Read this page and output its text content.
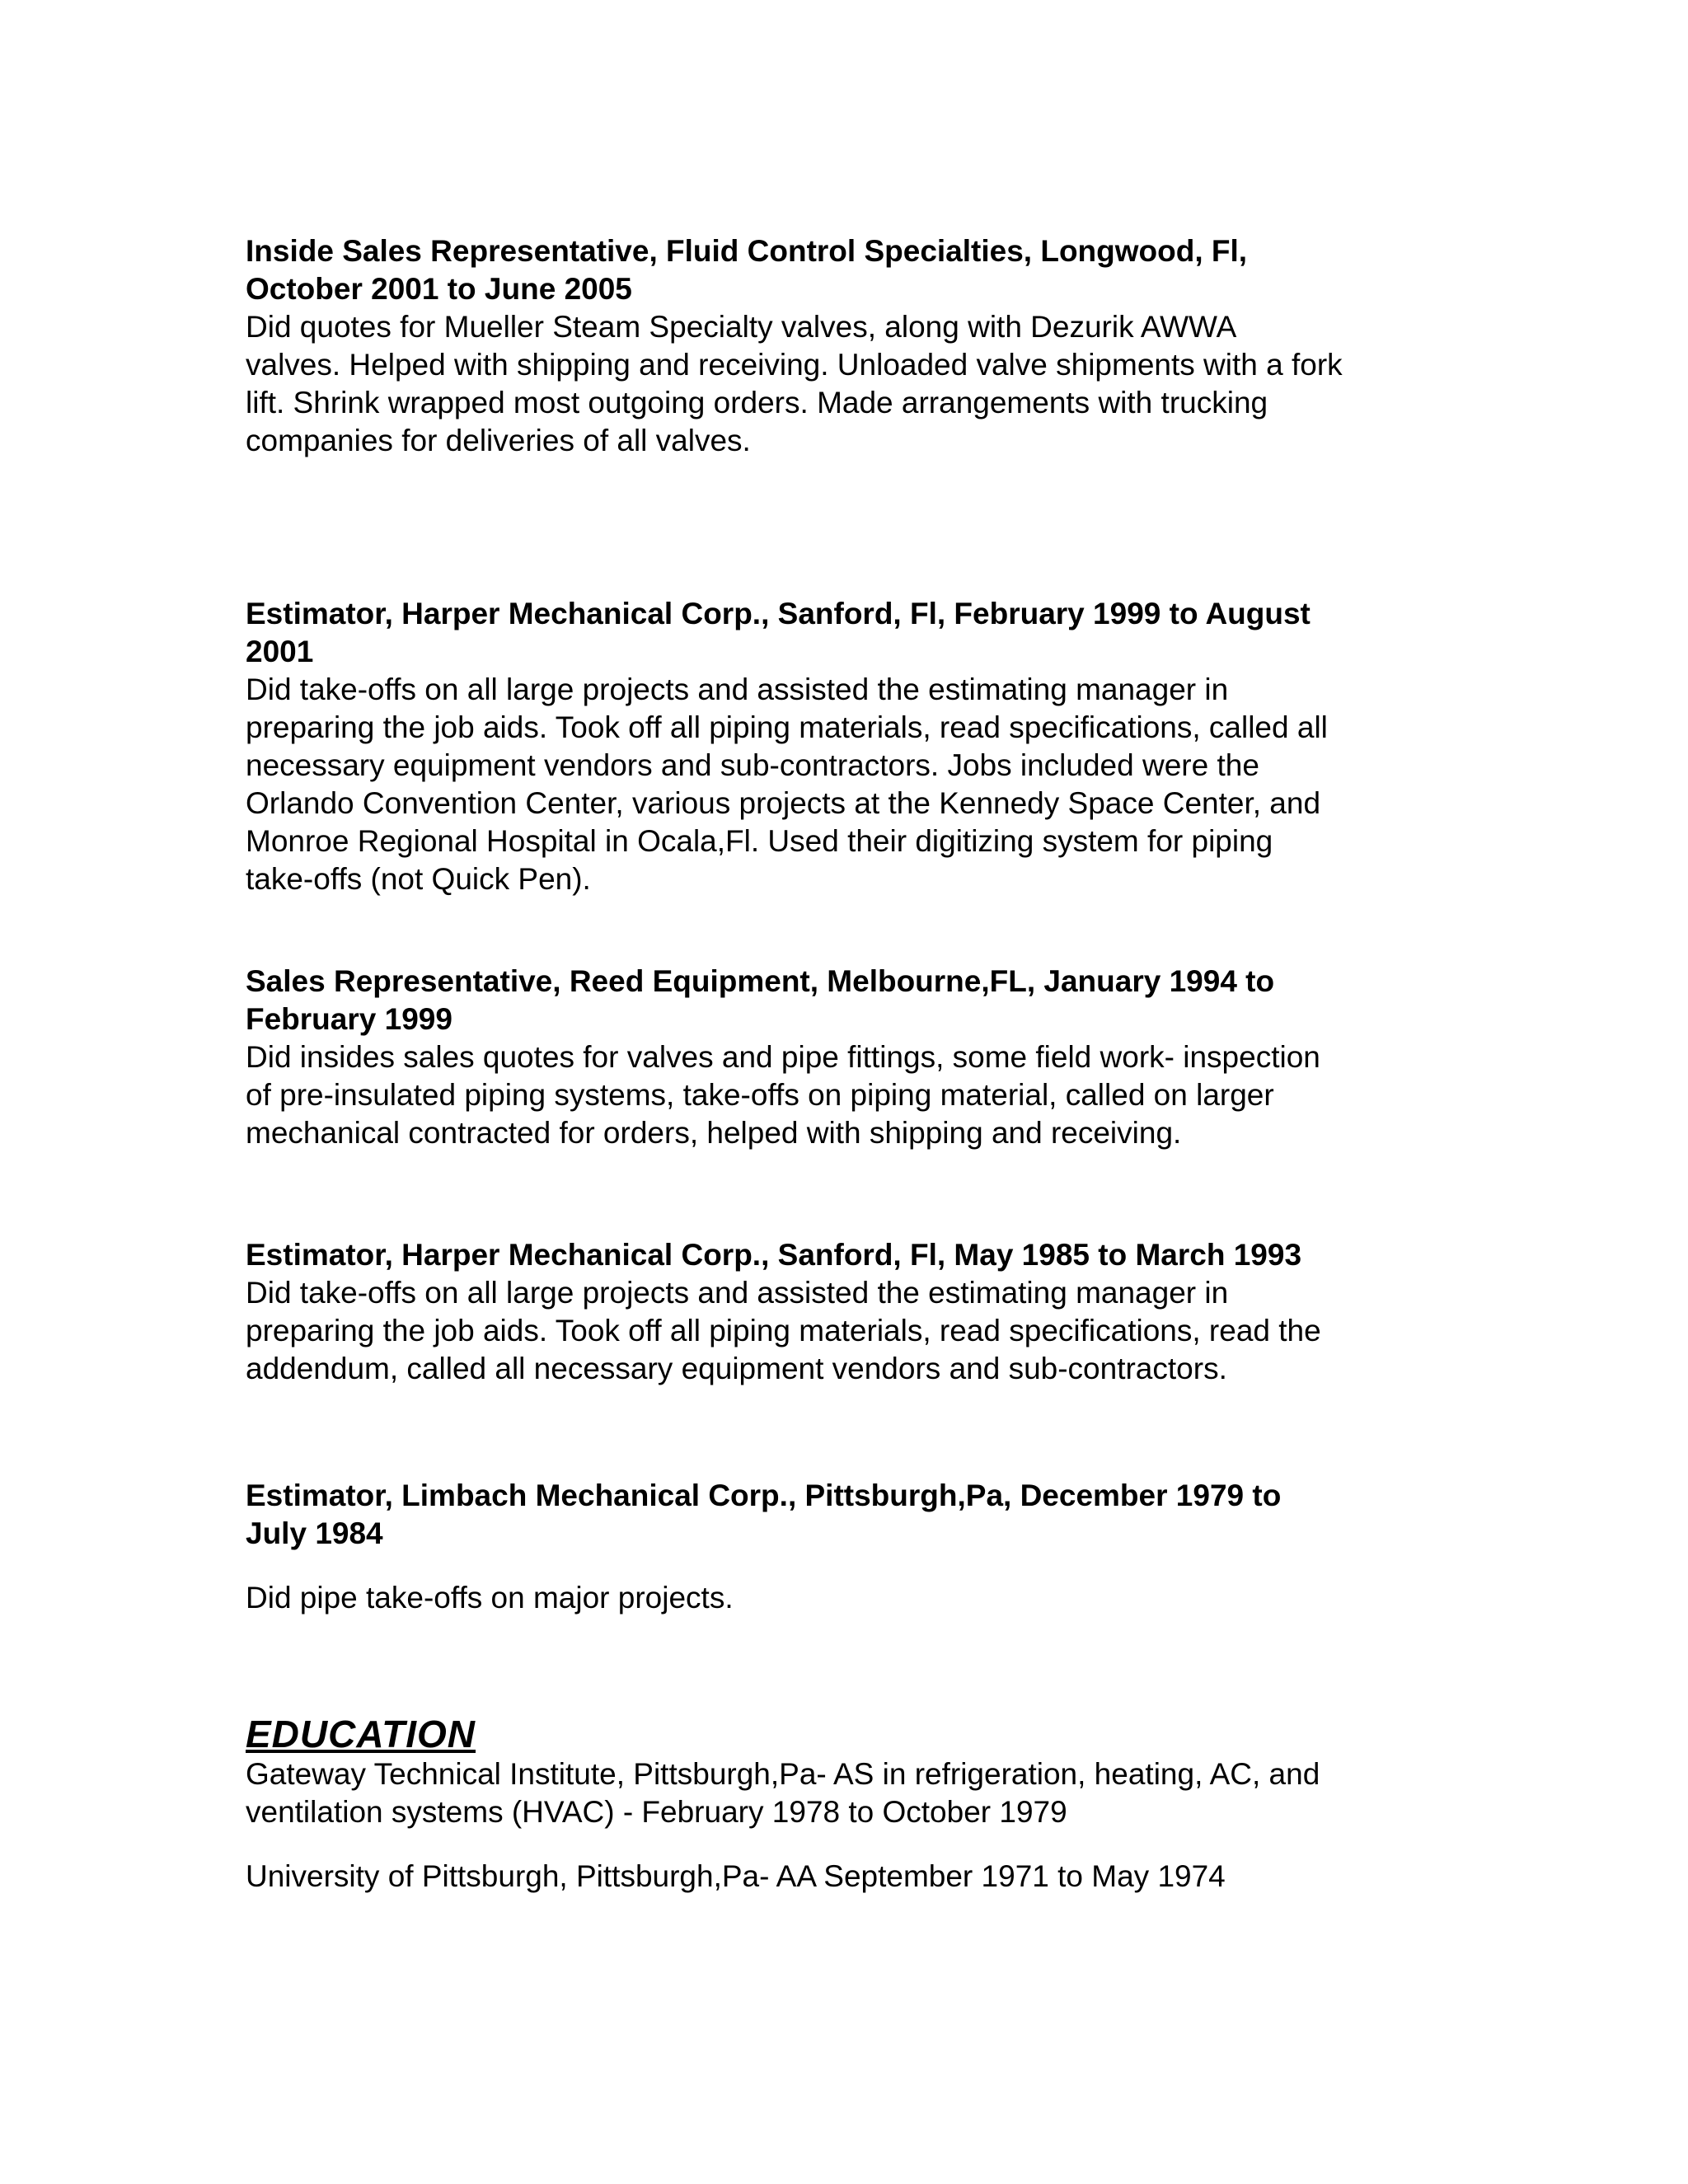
Inside Sales Representative, Fluid Control Specialties, Longwood, Fl,

October 2001 to June 2005

Did quotes for Mueller Steam Specialty valves, along with Dezurik AWWA

valves. Helped with shipping and receiving. Unloaded valve shipments with a fork

lift. Shrink wrapped most outgoing orders. Made arrangements with trucking

companies for deliveries of all valves.

Estimator, Harper Mechanical Corp., Sanford, Fl, February 1999 to August

2001

Did take-offs on all large projects and assisted the estimating manager in

preparing the job aids. Took off all piping materials, read specifications, called all

necessary equipment vendors and sub-contractors. Jobs included were the

Orlando Convention Center, various projects at the Kennedy Space Center, and

Monroe Regional Hospital in Ocala,Fl. Used their digitizing system for piping

take-offs (not Quick Pen).

Sales Representative, Reed Equipment, Melbourne,FL, January 1994 to

February 1999

Did insides sales quotes for valves and pipe fittings, some field work- inspection

of pre-insulated piping systems, take-offs on piping material, called on larger

mechanical contracted for orders, helped with shipping and receiving.

Estimator, Harper Mechanical Corp., Sanford, Fl, May 1985 to March 1993

Did take-offs on all large projects and assisted the estimating manager in

preparing the job aids. Took off all piping materials, read specifications, read the

addendum, called all necessary equipment vendors and sub-contractors.

Estimator, Limbach Mechanical Corp., Pittsburgh,Pa, December 1979 to

July 1984

Did pipe take-offs on major projects.

EDUCATION

Gateway Technical Institute, Pittsburgh,Pa- AS in refrigeration, heating, AC, and

ventilation systems (HVAC) - February 1978 to October 1979

University of Pittsburgh, Pittsburgh,Pa- AA September 1971 to May 1974
